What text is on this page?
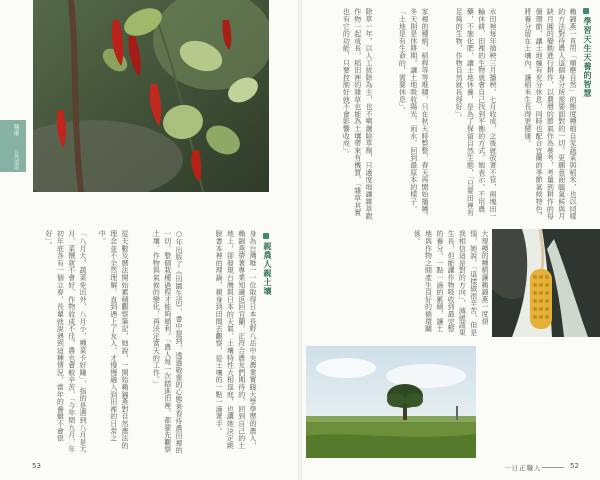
尊重
自然環境
親農人親土壤
身為台灣唯一一位取得日本長野八岳中央農業實踐大學學歷的農人，賴錦燕帶著專業知識返回宜蘭，正符合農友們期待的，回到自己的土地上，卻發現台灣與日本的天氣、土壤特性大相逕庭，也讓她決定跳脫書本裡的理論，親身到田間去觀察，從土壤的一點一滴著手。
○年出版了《田園生活》，書中提到，透過敬重的心態來看待農田裡的一切，整個栽種過程才能夠順利。「農人每一次踏進田裡，都要先觀察土壤、作物與氣候的變化，再決定當天的工作。」
從天數及曆法開始累積觀察筆記，她說，一開始賴錦燕對自然農法的理念並不全然理解，直到遇上了友人，才慢慢融入到田裡的日常之中。
「八月大，蔬菜免出外，八月小，種菜卡好賺」，指的是遇到八月是大月，菜價就不會好，作物收成不佳，農也會較辛苦，「今年閏九月，年初年底各有一個立春，長輩就說遇到這種情況，當年的養雞不會很好」。
53
學習天生天養的智慧
賴錦燕一直用「順應自然」的態度種植自家蔬菜與稻米，也以同樣的方法對待農人這個身分所需要面對的一切。更願意面臨氣候與月缺月圓的變動進行耕作，以農曆的節氣作為參考，考量到耕作的每個環節，讓土地擁有充分休息，同時也配合宜蘭的季節氣候特色，將養分留在土壤內，讓稻米生長得更健康。
水田裡每年插秧三月播秧、七月收成，之後就放著不管，兩塊田一輪休耕，田裡的生物就會自己找到平衡的方式。她表示，不用農藥，不施化肥，讓土地休養，是為了保留自然生態，「只要田裡有足夠的生物，作物自然就長得好」。
家裡的種植，稻稈等等堆積，只在秋天時整整，春天再開始播種，冬天則是休耕期，讓土地吸收陽光、雨水，回到最原本的樣子，「土地是有生命的，需要休息」。
除草一年，以人工拔除為主，也不噴灑除草劑，只適度地讓雜草跟作物一起成長，稻田裡的雜草也能為土壤帶來有機質，「雜草其實也有它的功能，只要控制好就不會影響收成」。
大規模的種植讓賴錦燕一度煩惱，她說，「這樣做很辛苦，但是我相信這是對的方向」，減緩蔬果生長，但能讓作物吸收到最完整的養分，一點一滴的累積，讓土地與作物之間產生良好的循環關係。
一日正職人	52
